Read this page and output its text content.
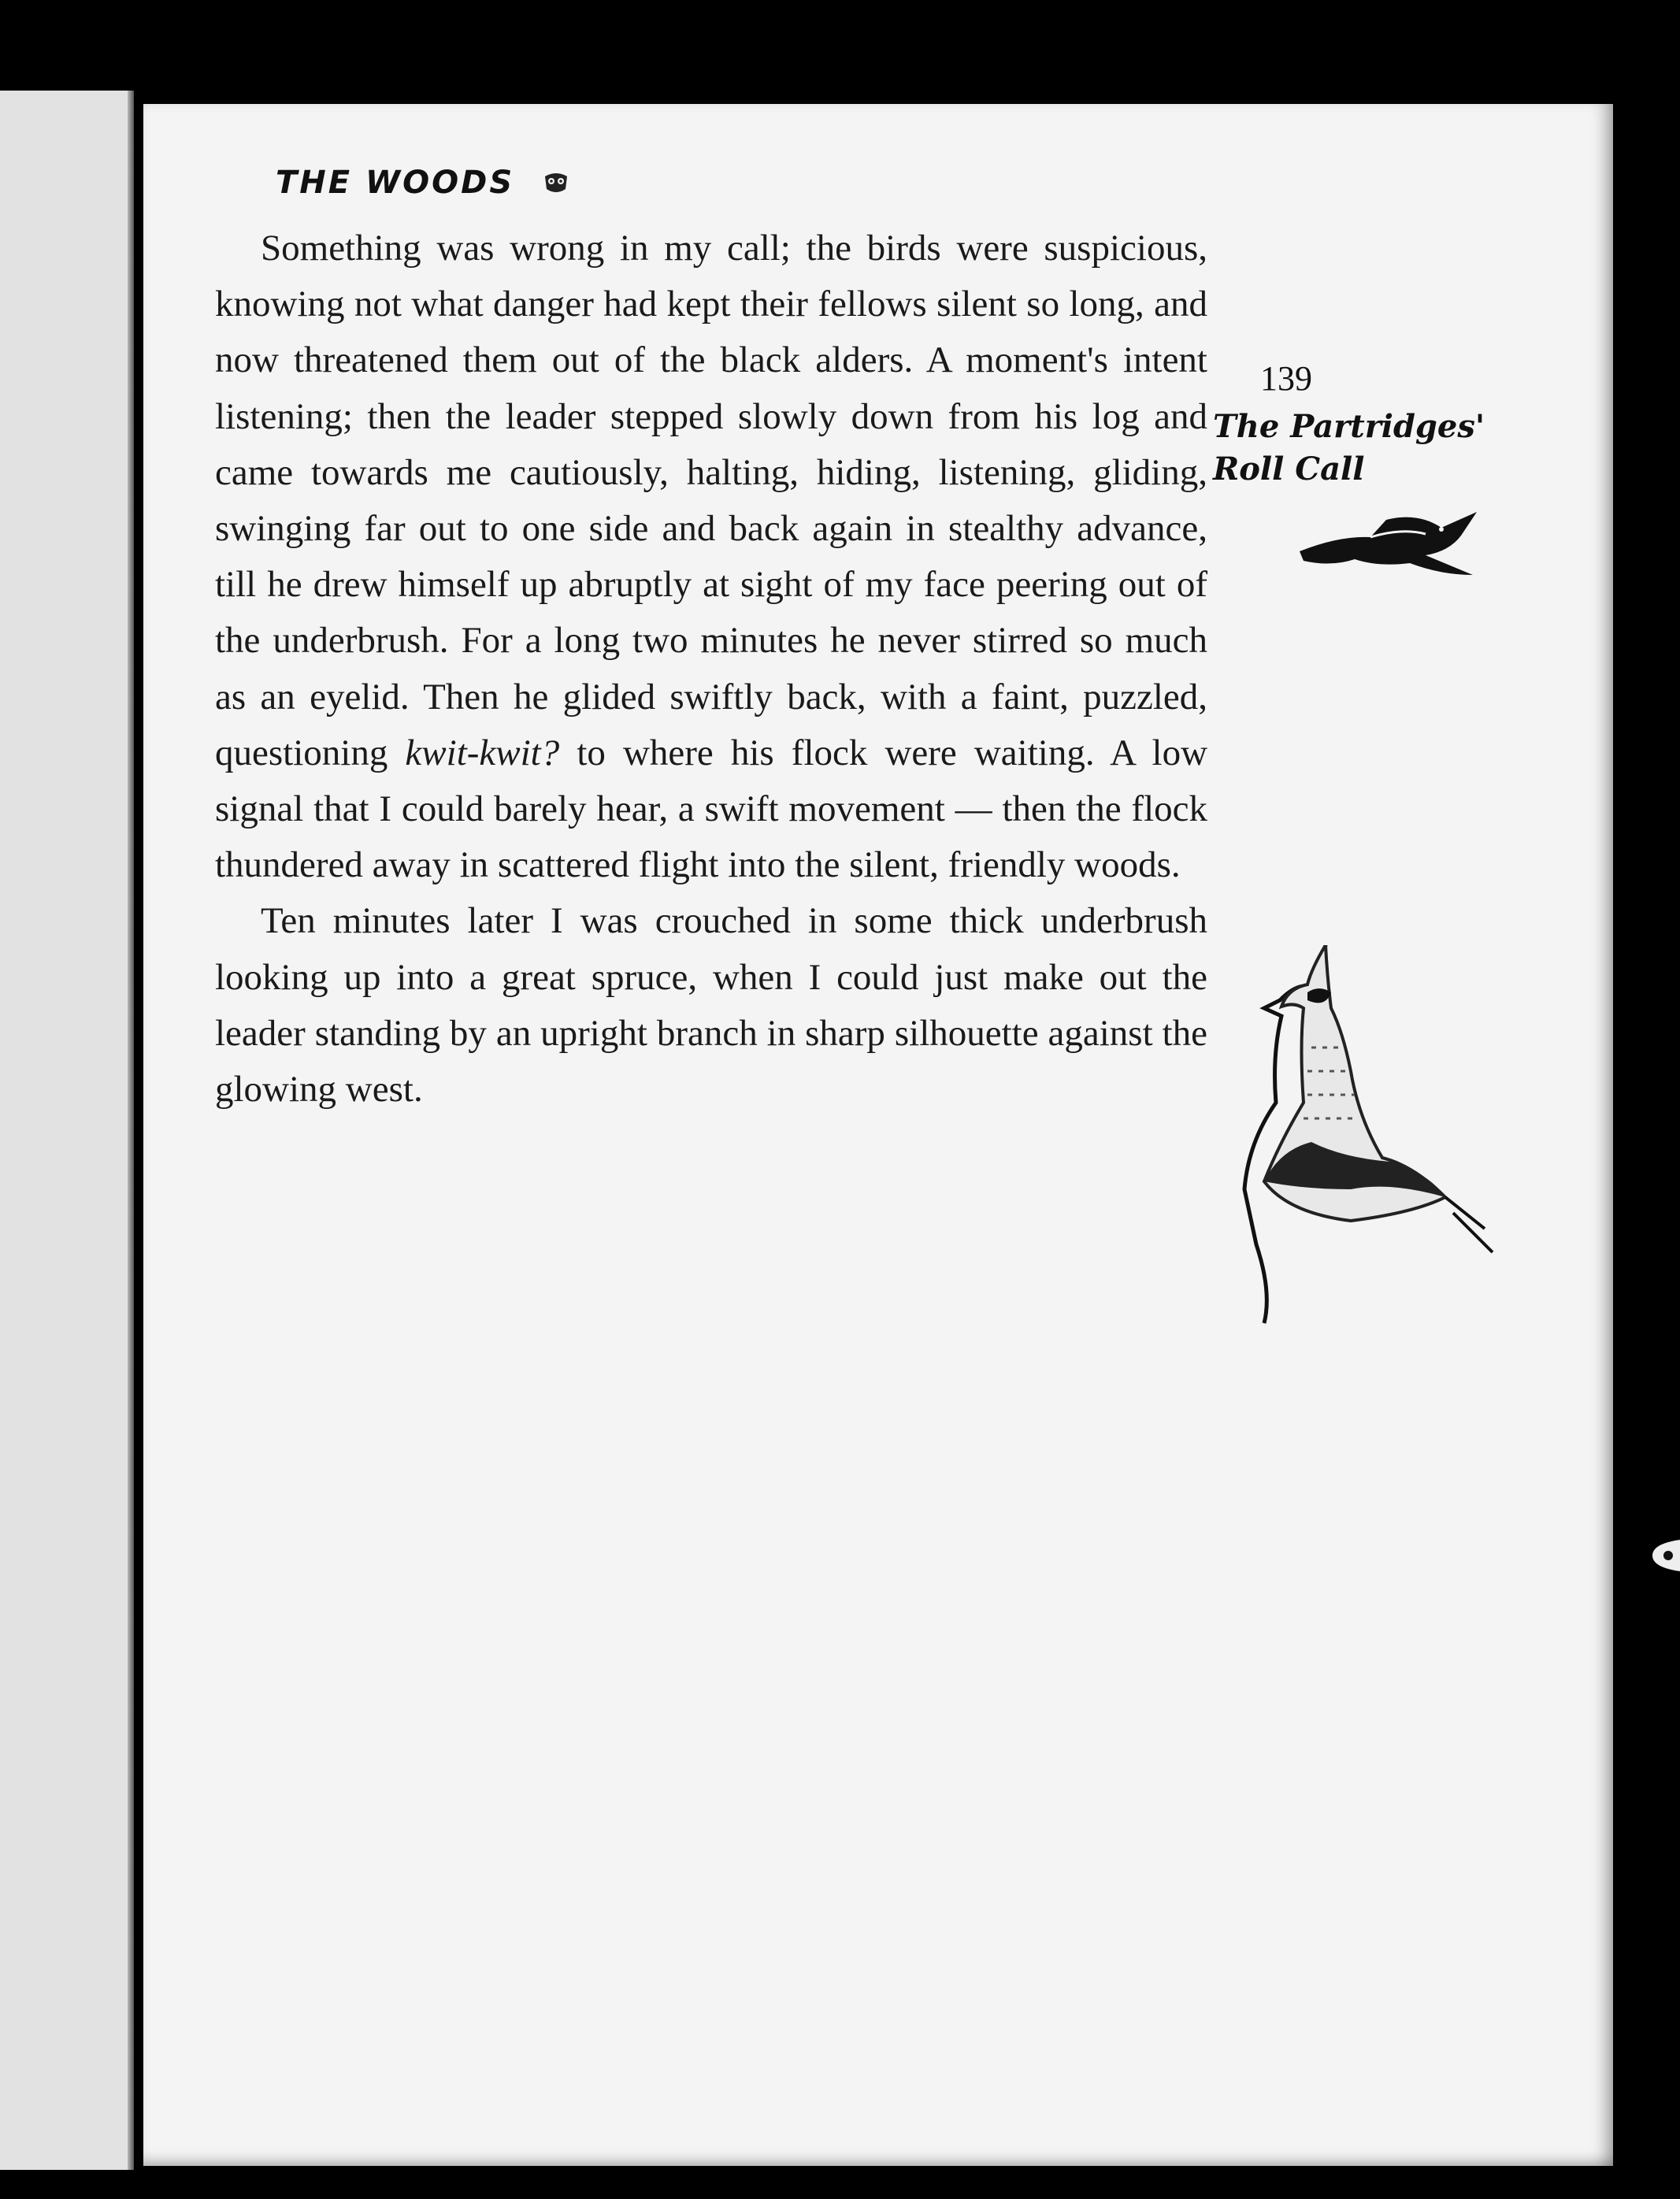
THE WOODS

Something was wrong in my call; the birds were suspicious, knowing not what danger had kept their fellows silent so long, and now threatened them out of the black alders. A moment's intent listening; then the leader stepped slowly down from his log and came towards me cautiously, halting, hiding, listening, gliding, swinging far out to one side and back again in stealthy advance, till he drew himself up abruptly at sight of my face peering out of the underbrush. For a long two minutes he never stirred so much as an eyelid. Then he glided swiftly back, with a faint, puzzled, questioning kwit-kwit? to where his flock were waiting. A low signal that I could barely hear, a swift movement — then the flock thundered away in scattered flight into the silent, friendly woods.

Ten minutes later I was crouched in some thick underbrush looking up into a great spruce, when I could just make out the leader standing by an upright branch in sharp silhouette against the glowing west.

139
The Partridges' Roll Call
